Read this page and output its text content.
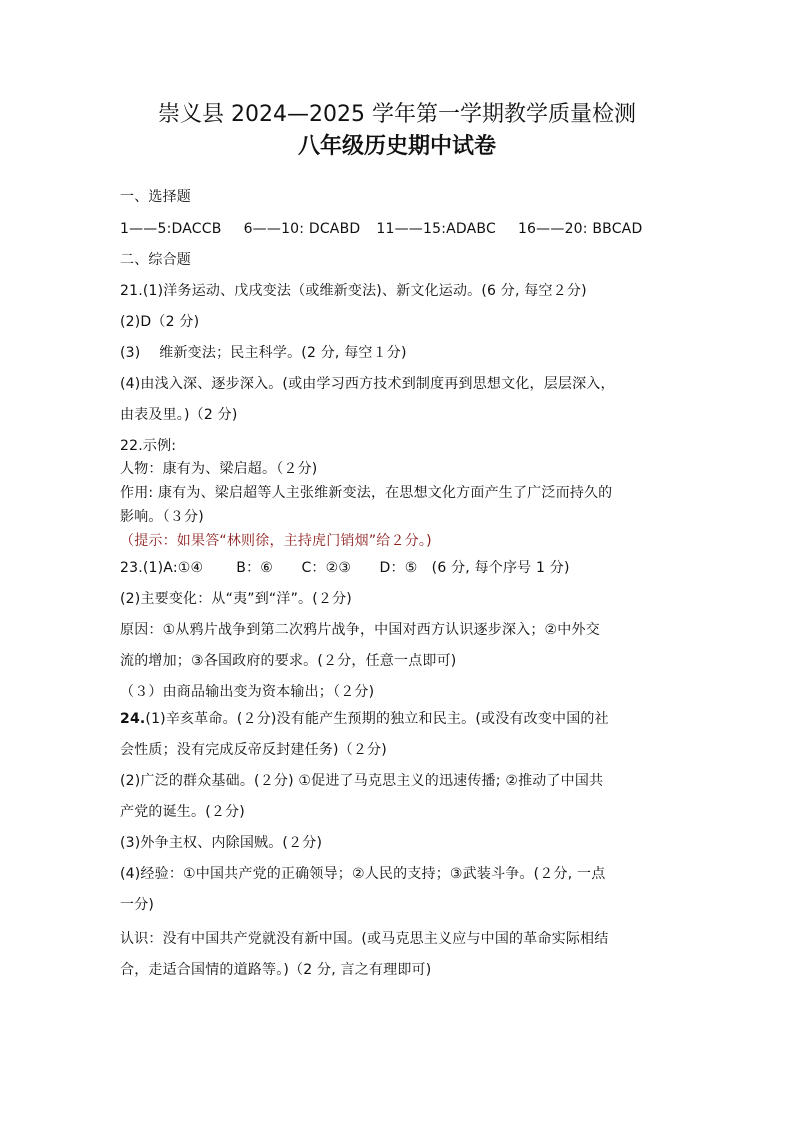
崇义县 2024—2025 学年第一学期教学质量检测
八年级历史期中试卷
一、选择题
1——5:DACCB 6——10: DCABD 11——15:ADABC 16——20: BBCAD
二、综合题
21.(1)洋务运动、戊戌变法（或维新变法)、新文化运动。(6 分, 每空２分)
(2)D（2 分)
(3)　 维新变法；民主科学。(2 分, 每空１分)
(4)由浅入深、逐步深入。(或由学习西方技术到制度再到思想文化，层层深入，
由表及里。)（2 分)
22.示例:
人物：康有为、梁启超。（２分)
作用: 康有为、梁启超等人主张维新变法，在思想文化方面产生了广泛而持久的
影响。（３分)
（提示：如果答“林则徐，主持虎门销烟”给２分。)
23.(1)A:①④　　 B：⑥　　C：②③　　D：⑤　(6 分, 每个序号 1 分)
(2)主要变化：从“夷”到“洋”。(２分)
原因：①从鸦片战争到第二次鸦片战争，中国对西方认识逐步深入；②中外交
流的增加；③各国政府的要求。(２分，任意一点即可)
（３）由商品输出变为资本输出；（２分)
24.(1)辛亥革命。(２分)没有能产生预期的独立和民主。(或没有改变中国的社
会性质；没有完成反帝反封建任务)（２分)
(2)广泛的群众基础。(２分) ①促进了马克思主义的迅速传播; ②推动了中国共
产党的诞生。(２分)
(3)外争主权、内除国贼。(２分)
(4)经验：①中国共产党的正确领导；②人民的支持；③武装斗争。(２分, 一点
一分)
认识：没有中国共产党就没有新中国。(或马克思主义应与中国的革命实际相结
合，走适合国情的道路等。)（2 分, 言之有理即可)
